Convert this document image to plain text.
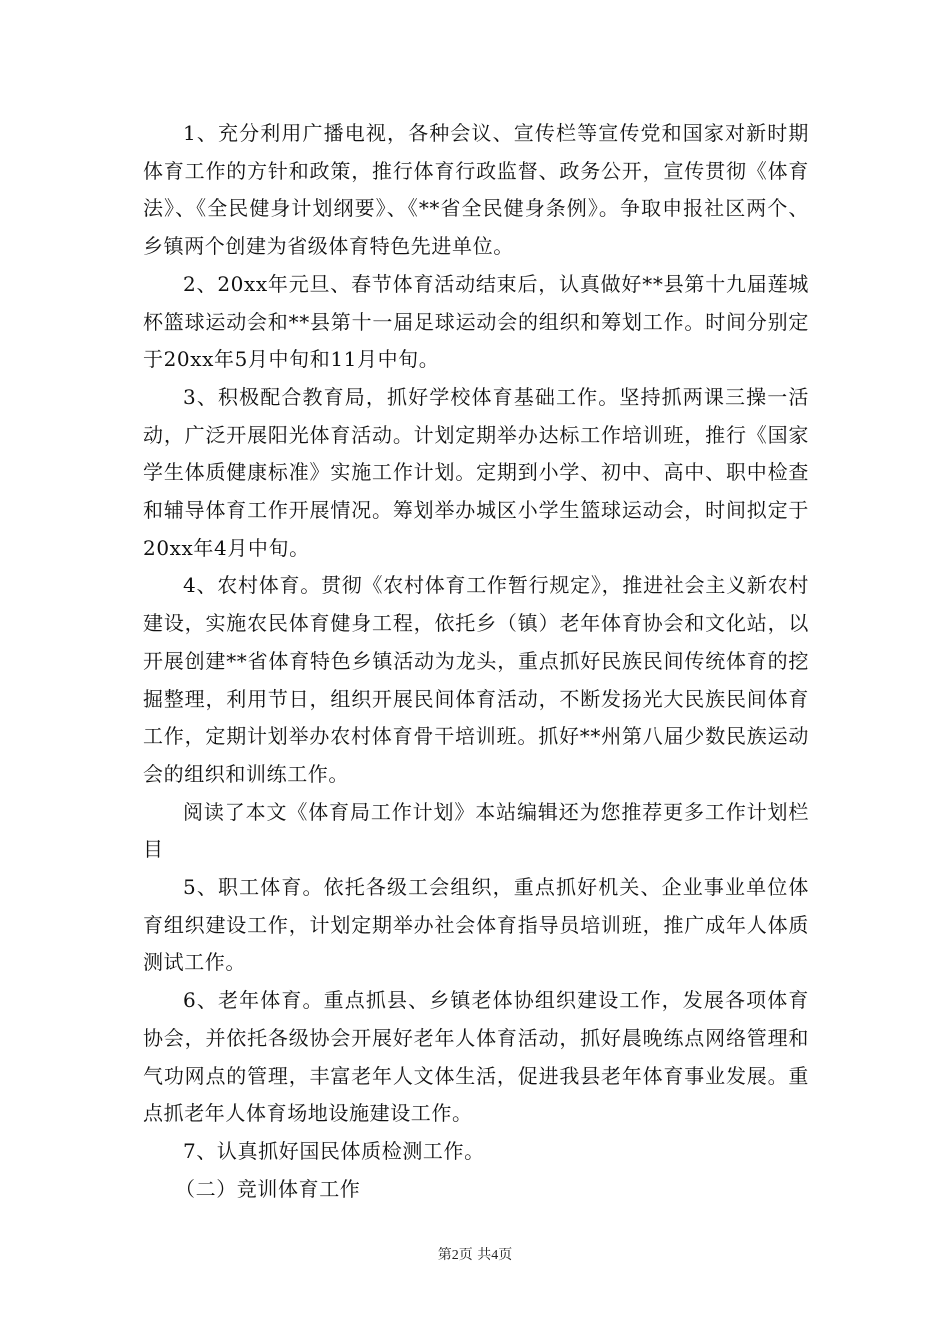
1、充分利用广播电视，各种会议、宣传栏等宣传党和国家对新时期体育工作的方针和政策，推行体育行政监督、政务公开，宣传贯彻《体育法》、《全民健身计划纲要》、《**省全民健身条例》。争取申报社区两个、乡镇两个创建为省级体育特色先进单位。

2、20xx年元旦、春节体育活动结束后，认真做好**县第十九届莲城杯篮球运动会和**县第十一届足球运动会的组织和筹划工作。时间分别定于20xx年5月中旬和11月中旬。

3、积极配合教育局，抓好学校体育基础工作。坚持抓两课三操一活动，广泛开展阳光体育活动。计划定期举办达标工作培训班，推行《国家学生体质健康标准》实施工作计划。定期到小学、初中、高中、职中检查和辅导体育工作开展情况。筹划举办城区小学生篮球运动会，时间拟定于20xx年4月中旬。

4、农村体育。贯彻《农村体育工作暂行规定》，推进社会主义新农村建设，实施农民体育健身工程，依托乡（镇）老年体育协会和文化站，以开展创建**省体育特色乡镇活动为龙头，重点抓好民族民间传统体育的挖掘整理，利用节日，组织开展民间体育活动，不断发扬光大民族民间体育工作，定期计划举办农村体育骨干培训班。抓好**州第八届少数民族运动会的组织和训练工作。

阅读了本文《体育局工作计划》本站编辑还为您推荐更多工作计划栏目

5、职工体育。依托各级工会组织，重点抓好机关、企业事业单位体育组织建设工作，计划定期举办社会体育指导员培训班，推广成年人体质测试工作。

6、老年体育。重点抓县、乡镇老体协组织建设工作，发展各项体育协会，并依托各级协会开展好老年人体育活动，抓好晨晚练点网络管理和气功网点的管理，丰富老年人文体生活，促进我县老年体育事业发展。重点抓老年人体育场地设施建设工作。

7、认真抓好国民体质检测工作。

（二）竞训体育工作

第2页 共4页
